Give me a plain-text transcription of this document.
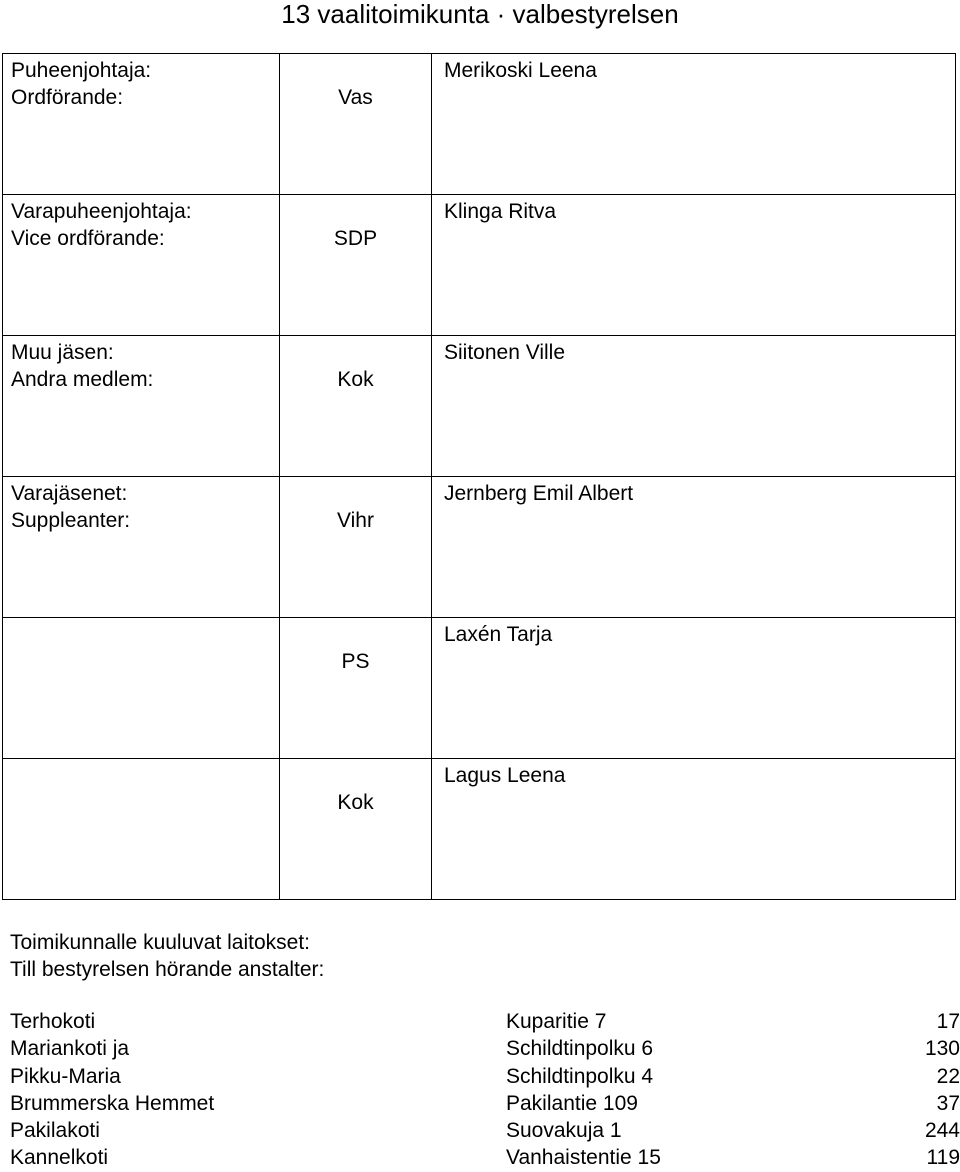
13 vaalitoimikunta · valbestyrelsen
Puheenjohtaja:
Ordförande:	Vas	Merikoski Leena

Varapuheenjohtaja:
Vice ordförande:	SDP	Klinga Ritva

Muu jäsen:
Andra medlem:	Kok	Siitonen Ville

Varajäsenet:
Suppleanter:	Vihr	Jernberg Emil Albert

	PS	Laxén Tarja

	Kok	Lagus Leena
Toimikunnalle kuuluvat laitokset:
Till bestyrelsen hörande anstalter:
Terhokoti	Kuparitie 7	17
Mariankoti ja	Schildtinpolku 6	130
Pikku-Maria	Schildtinpolku 4	22
Brummerska Hemmet	Pakilantie 109	37
Pakilakoti	Suovakuja 1	244
Kannelkoti	Vanhaistentie 15	119
